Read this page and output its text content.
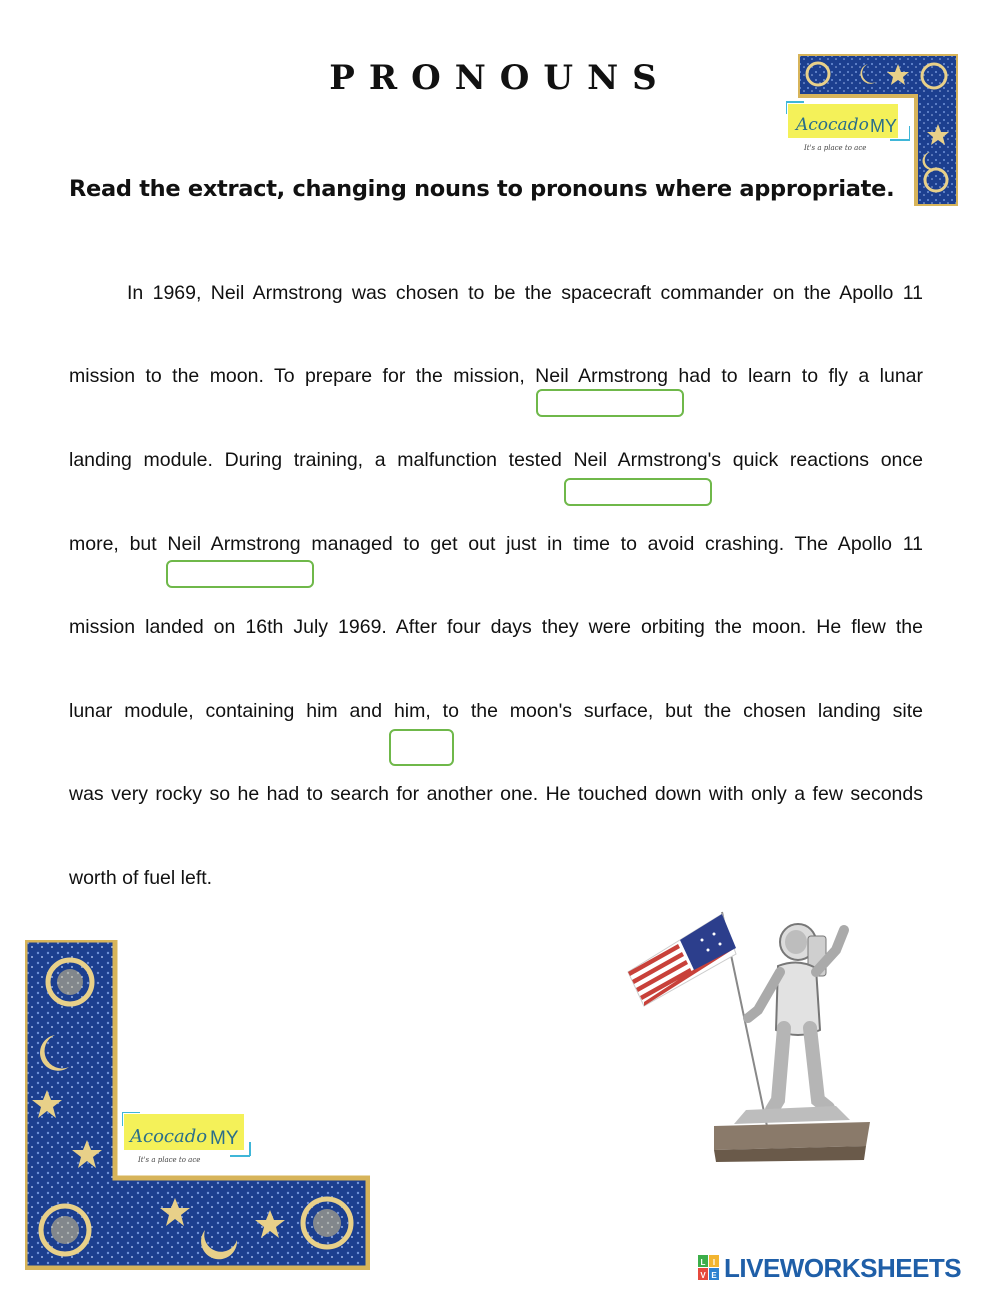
PRONOUNS
Acocado MY
It's a place to ace
Read the extract, changing nouns to pronouns where appropriate.

In 1969, Neil Armstrong was chosen to be the spacecraft commander on the Apollo 11

mission to the moon. To prepare for the mission, Neil Armstrong had to learn to fly a lunar

landing module. During training, a malfunction tested Neil Armstrong's quick reactions once

more, but Neil Armstrong managed to get out just in time to avoid crashing. The Apollo 11

mission landed on 16th July 1969. After four days they were orbiting the moon. He flew the

lunar module, containing him and him, to the moon's surface, but the chosen landing site

was very rocky so he had to search for another one. He touched down with only a few seconds

worth of fuel left.

Acocado MY
It's a place to ace
L I
V E LIVEWORKSHEETS
